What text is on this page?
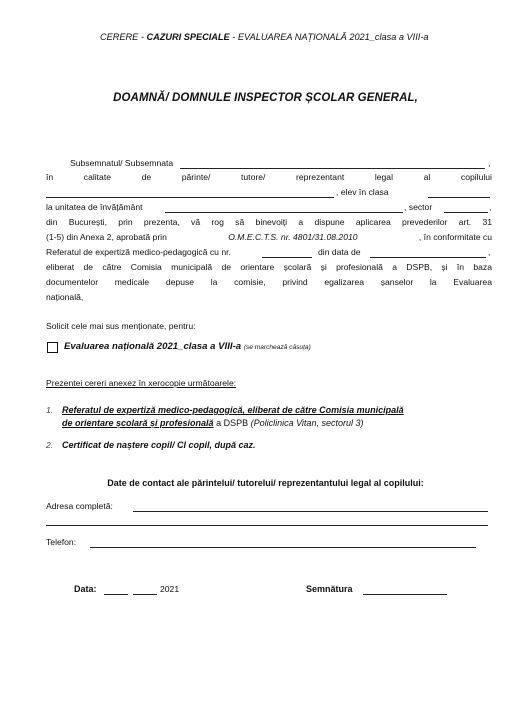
CERERE - CAZURI SPECIALE - EVALUAREA NAȚIONALĂ 2021_clasa a VIII-a
DOAMNĂ/ DOMNULE INSPECTOR ȘCOLAR GENERAL,
Subsemnatul/ Subsemnata	,
în	calitate	de	părinte/	tutore/	reprezentant	legal	al	copilului
, elev în clasa
la unitatea de învățământ	, sector	,
din București, prin prezenta, vă rog să binevoiți a dispune aplicarea prevederilor art. 31
(1-5) din Anexa 2, aprobată prin	O.M.E.C.T.S. nr. 4801/31.08.2010	, în conformitate cu
Referatul de expertiză medico-pedagogică cu nr.	din data de	,
eliberat de către Comisia municipală de orientare școlară și profesională a DSPB, și în baza
documentelor medicale depuse la comisie, privind egalizarea șanselor la Evaluarea
națională,
Solicit cele mai sus menționate, pentru:
Evaluarea națională 2021_clasa a VIII-a (se marchează căsuța)
Prezentei cereri anexez în xerocopie următoarele:
1. Referatul de expertiză medico-pedagogică, eliberat de către Comisia municipală
de orientare școlară și profesională a DSPB (Policlinica Vitan, sectorul 3)
2. Certificat de naștere copil/ CI copil, după caz.
Date de contact ale părintelui/ tutorelui/ reprezentantului legal al copilului:
Adresa completă:
Telefon:
Data:	2021	Semnătura
